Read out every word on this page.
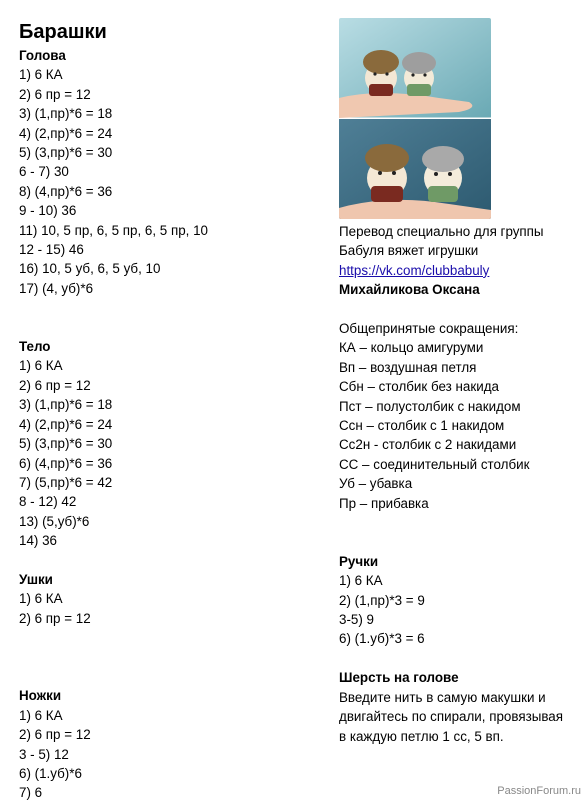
Барашки
Голова
1) 6 КА
2) 6 пр = 12
3) (1,пр)*6 = 18
4) (2,пр)*6 = 24
5) (3,пр)*6 = 30
6 - 7) 30
8) (4,пр)*6 = 36
9 - 10) 36
11) 10, 5 пр, 6, 5 пр, 6, 5 пр, 10
12 - 15) 46
16) 10, 5 уб, 6, 5 уб, 10
17) (4, уб)*6
Тело
1) 6 КА
2) 6 пр = 12
3) (1,пр)*6 = 18
4) (2,пр)*6 = 24
5) (3,пр)*6 = 30
6) (4,пр)*6 = 36
7) (5,пр)*6 = 42
8 - 12) 42
13) (5,уб)*6
14) 36
Ушки
1) 6 КА
2) 6 пр = 12
Ножки
1) 6 КА
2) 6 пр = 12
3 - 5) 12
6) (1.уб)*6
7) 6
Перевод специально для группы
Бабуля вяжет игрушки
https://vk.com/clubbabuly
Михайликова Оксана
Общепринятые сокращения:
КА – кольцо амигуруми
Вп – воздушная петля
Сбн – столбик без накида
Пст – полустолбик с накидом
Ссн – столбик с 1 накидом
Сс2н - столбик с 2 накидами
СС – соединительный столбик
Уб – убавка
Пр – прибавка
Ручки
1) 6 КА
2) (1,пр)*3 = 9
3-5) 9
6) (1.уб)*3 = 6
Шерсть на голове
Введите нить в самую макушки и
двигайтесь по спирали, провязывая
в каждую петлю 1 сс, 5 вп.
PassionForum.ru
